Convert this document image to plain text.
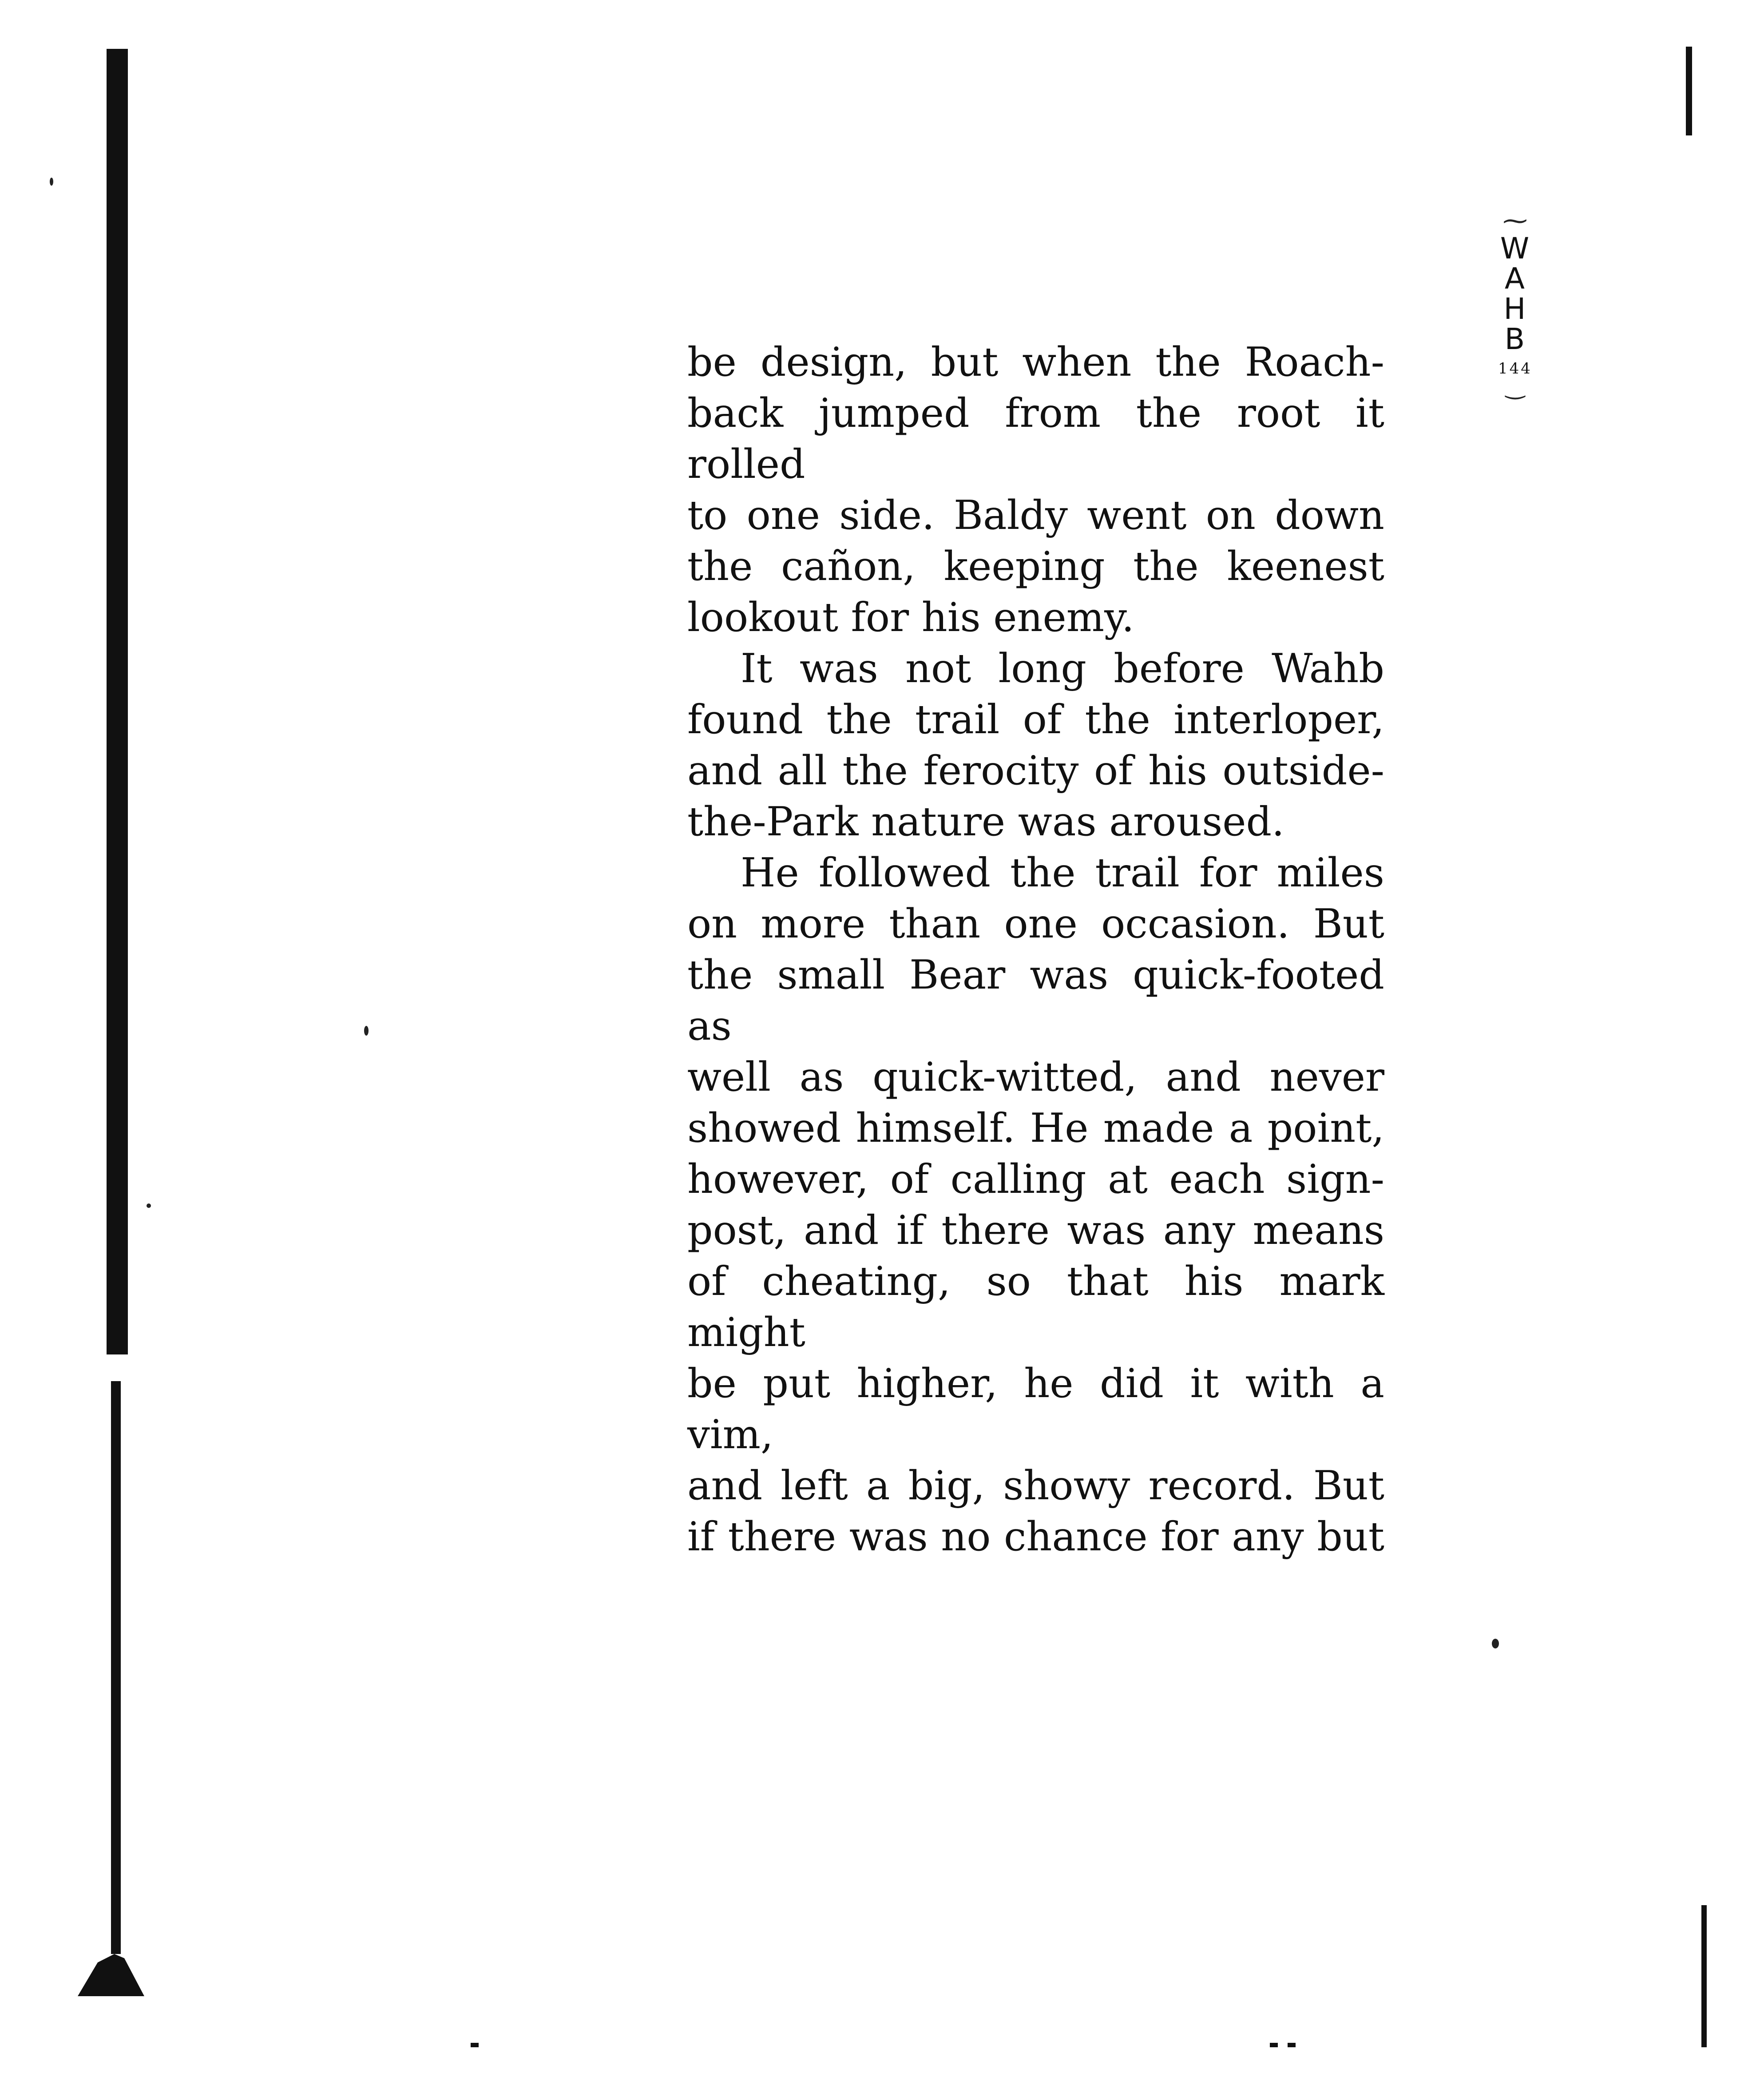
⁓
W
A
H
B
144
‿

be design, but when the Roach-

back jumped from the root it rolled

to one side. Baldy went on down

the cañon, keeping the keenest

lookout for his enemy.

It was not long before Wahb

found the trail of the interloper,

and all the ferocity of his outside-

the-Park nature was aroused.

He followed the trail for miles

on more than one occasion. But

the small Bear was quick-footed as

well as quick-witted, and never

showed himself. He made a point,

however, of calling at each sign-

post, and if there was any means

of cheating, so that his mark might

be put higher, he did it with a vim,

and left a big, showy record. But

if there was no chance for any but
